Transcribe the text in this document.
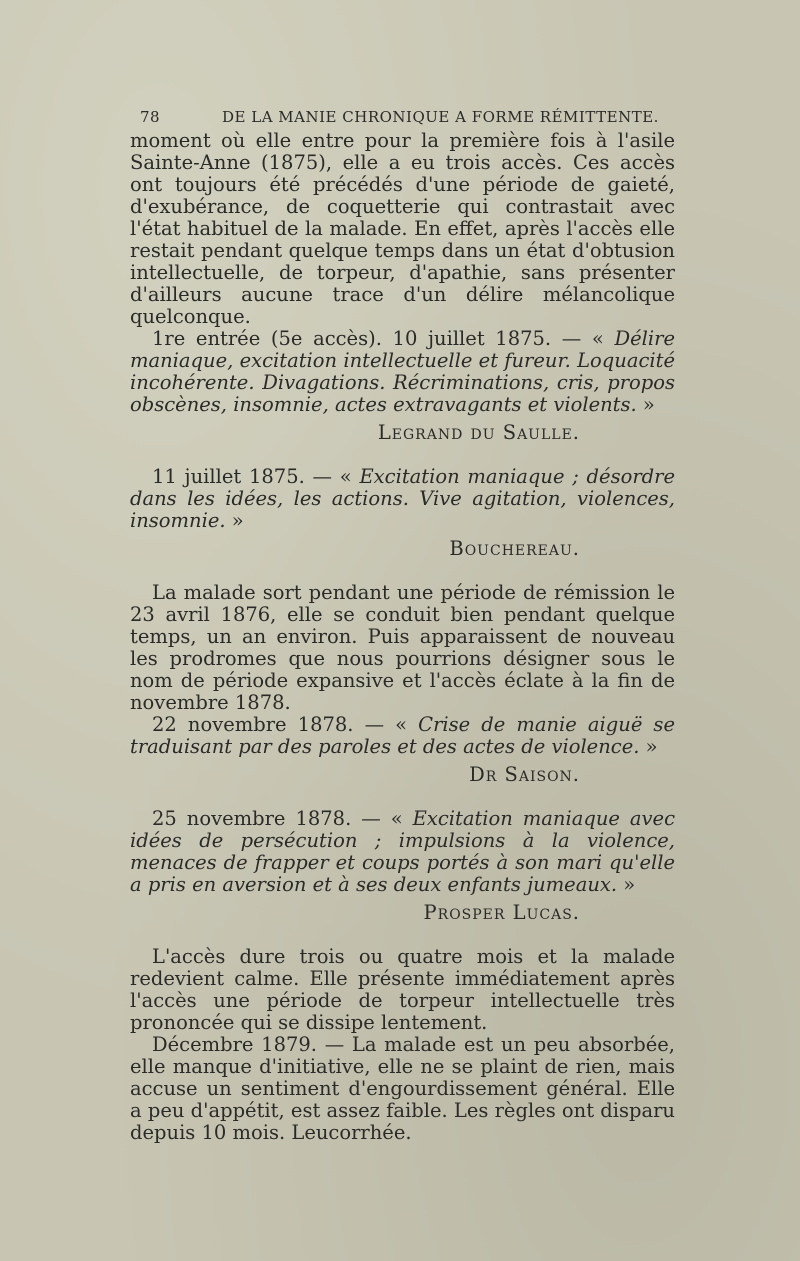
78	DE LA MANIE CHRONIQUE A FORME RÉMITTENTE.

moment où elle entre pour la première fois à l'asile Sainte-Anne (1875), elle a eu trois accès. Ces accès ont toujours été précédés d'une période de gaieté, d'exubérance, de coquetterie qui contrastait avec l'état habituel de la malade. En effet, après l'accès elle restait pendant quelque temps dans un état d'obtusion intellectuelle, de torpeur, d'apathie, sans présenter d'ailleurs aucune trace d'un délire mélancolique quelconque.

1re entrée (5e accès). 10 juillet 1875. — « Délire maniaque, excitation intellectuelle et fureur. Loquacité incohérente. Divagations. Récriminations, cris, propos obscènes, insomnie, actes extravagants et violents. »

Legrand du Saulle.

11 juillet 1875. — « Excitation maniaque ; désordre dans les idées, les actions. Vive agitation, violences, insomnie. »

Bouchereau.

La malade sort pendant une période de rémission le 23 avril 1876, elle se conduit bien pendant quelque temps, un an environ. Puis apparaissent de nouveau les prodromes que nous pourrions désigner sous le nom de période expansive et l'accès éclate à la fin de novembre 1878.

22 novembre 1878. — « Crise de manie aiguë se traduisant par des paroles et des actes de violence. »

Dr Saison.

25 novembre 1878. — « Excitation maniaque avec idées de persécution ; impulsions à la violence, menaces de frapper et coups portés à son mari qu'elle a pris en aversion et à ses deux enfants jumeaux. »

Prosper Lucas.

L'accès dure trois ou quatre mois et la malade redevient calme. Elle présente immédiatement après l'accès une période de torpeur intellectuelle très prononcée qui se dissipe lentement.

Décembre 1879. — La malade est un peu absorbée, elle manque d'initiative, elle ne se plaint de rien, mais accuse un sentiment d'engourdissement général. Elle a peu d'appétit, est assez faible. Les règles ont disparu depuis 10 mois. Leucorrhée.
